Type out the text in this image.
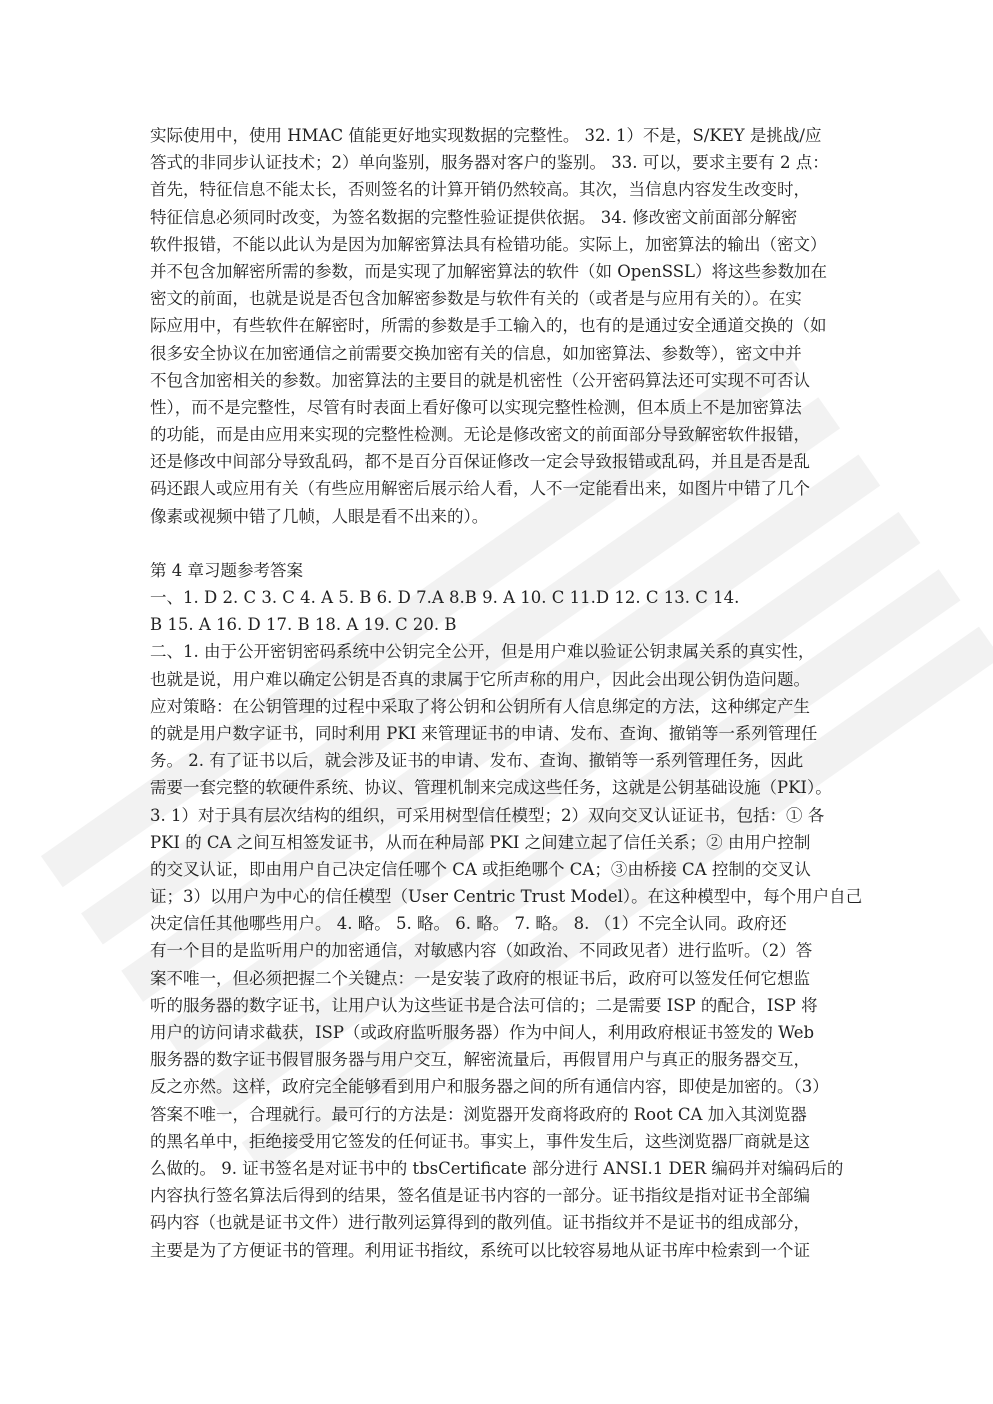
实际使用中，使用 HMAC 值能更好地实现数据的完整性。 32. 1）不是，S/KEY 是挑战/应
答式的非同步认证技术；2）单向鉴别，服务器对客户的鉴别。 33. 可以，要求主要有 2 点：
首先，特征信息不能太长，否则签名的计算开销仍然较高。其次，当信息内容发生改变时，
特征信息必须同时改变，为签名数据的完整性验证提供依据。 34. 修改密文前面部分解密
软件报错，不能以此认为是因为加解密算法具有检错功能。实际上，加密算法的输出（密文）
并不包含加解密所需的参数，而是实现了加解密算法的软件（如 OpenSSL）将这些参数加在
密文的前面，也就是说是否包含加解密参数是与软件有关的（或者是与应用有关的）。在实
际应用中，有些软件在解密时，所需的参数是手工输入的，也有的是通过安全通道交换的（如
很多安全协议在加密通信之前需要交换加密有关的信息，如加密算法、参数等），密文中并
不包含加密相关的参数。加密算法的主要目的就是机密性（公开密码算法还可实现不可否认
性），而不是完整性，尽管有时表面上看好像可以实现完整性检测，但本质上不是加密算法
的功能，而是由应用来实现的完整性检测。无论是修改密文的前面部分导致解密软件报错，
还是修改中间部分导致乱码，都不是百分百保证修改一定会导致报错或乱码，并且是否是乱
码还跟人或应用有关（有些应用解密后展示给人看，人不一定能看出来，如图片中错了几个
像素或视频中错了几帧，人眼是看不出来的）。
第 4 章习题参考答案
一、1. D 2. C 3. C 4. A 5. B 6. D 7.A 8.B 9. A 10. C 11.D 12. C 13. C 14.
B 15. A 16. D 17. B 18. A 19. C 20. B
二、1. 由于公开密钥密码系统中公钥完全公开，但是用户难以验证公钥隶属关系的真实性，
也就是说，用户难以确定公钥是否真的隶属于它所声称的用户，因此会出现公钥伪造问题。
应对策略：在公钥管理的过程中采取了将公钥和公钥所有人信息绑定的方法，这种绑定产生
的就是用户数字证书，同时利用 PKI 来管理证书的申请、发布、查询、撤销等一系列管理任
务。 2. 有了证书以后，就会涉及证书的申请、发布、查询、撤销等一系列管理任务，因此
需要一套完整的软硬件系统、协议、管理机制来完成这些任务，这就是公钥基础设施（PKI）。
3. 1）对于具有层次结构的组织，可采用树型信任模型；2）双向交叉认证证书，包括：① 各
PKI 的 CA 之间互相签发证书，从而在种局部 PKI 之间建立起了信任关系；② 由用户控制
的交叉认证，即由用户自己决定信任哪个 CA 或拒绝哪个 CA；③由桥接 CA 控制的交叉认
证；3）以用户为中心的信任模型（User Centric Trust Model）。在这种模型中，每个用户自己
决定信任其他哪些用户。 4. 略。 5. 略。 6. 略。 7. 略。 8. （1）不完全认同。政府还
有一个目的是监听用户的加密通信，对敏感内容（如政治、不同政见者）进行监听。（2）答
案不唯一，但必须把握二个关键点：一是安装了政府的根证书后，政府可以签发任何它想监
听的服务器的数字证书，让用户认为这些证书是合法可信的；二是需要 ISP 的配合，ISP 将
用户的访问请求截获，ISP（或政府监听服务器）作为中间人，利用政府根证书签发的 Web
服务器的数字证书假冒服务器与用户交互，解密流量后，再假冒用户与真正的服务器交互，
反之亦然。这样，政府完全能够看到用户和服务器之间的所有通信内容，即使是加密的。（3）
答案不唯一，合理就行。最可行的方法是：浏览器开发商将政府的 Root CA 加入其浏览器
的黑名单中，拒绝接受用它签发的任何证书。事实上，事件发生后，这些浏览器厂商就是这
么做的。 9. 证书签名是对证书中的 tbsCertificate 部分进行 ANSI.1 DER 编码并对编码后的
内容执行签名算法后得到的结果，签名值是证书内容的一部分。证书指纹是指对证书全部编
码内容（也就是证书文件）进行散列运算得到的散列值。证书指纹并不是证书的组成部分，
主要是为了方便证书的管理。利用证书指纹，系统可以比较容易地从证书库中检索到一个证
